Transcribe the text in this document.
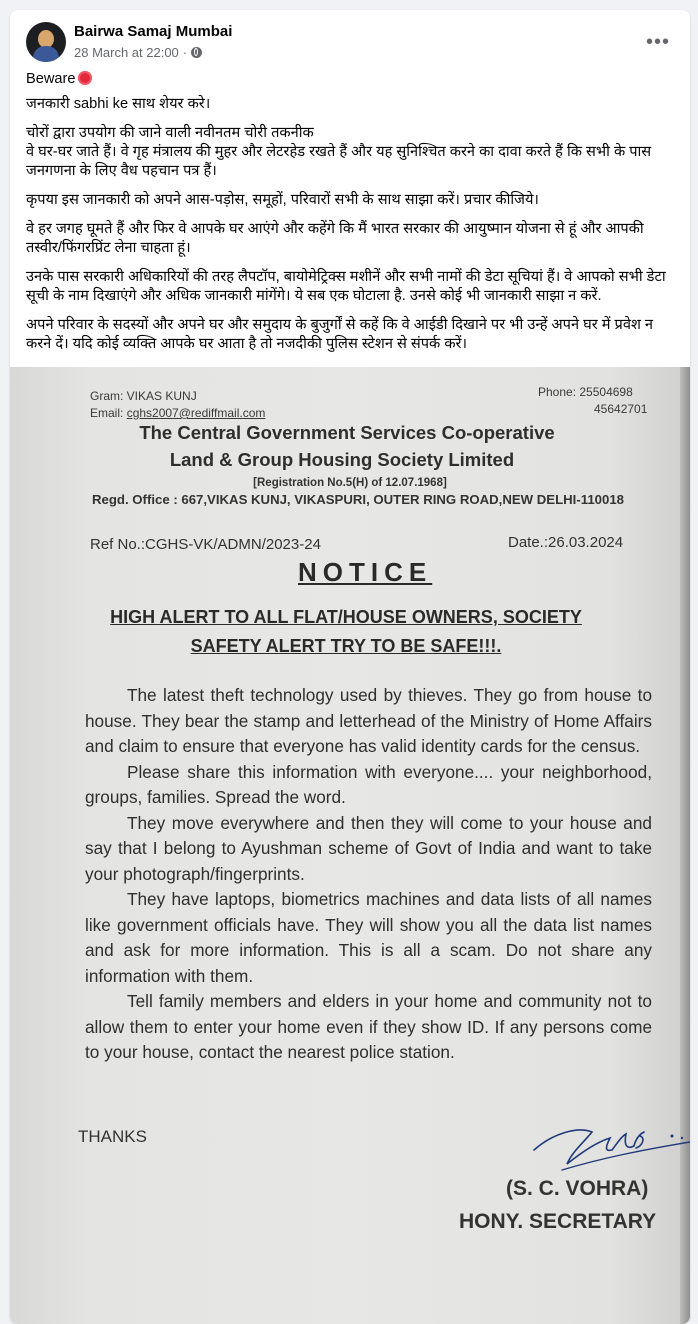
Bairwa Samaj Mumbai
28 March at 22:00 ·	•••

Beware

जनकारी sabhi ke साथ शेयर करे।

चोरों द्वारा उपयोग की जाने वाली नवीनतम चोरी तकनीक
वे घर-घर जाते हैं। वे गृह मंत्रालय की मुहर और लेटरहेड रखते हैं और यह सुनिश्चित करने का दावा करते हैं कि सभी के पास जनगणना के लिए वैध पहचान पत्र हैं।

कृपया इस जानकारी को अपने आस-पड़ोस, समूहों, परिवारों सभी के साथ साझा करें। प्रचार कीजिये।

वे हर जगह घूमते हैं और फिर वे आपके घर आएंगे और कहेंगे कि मैं भारत सरकार की आयुष्मान योजना से हूं और आपकी तस्वीर/फिंगरप्रिंट लेना चाहता हूं।

उनके पास सरकारी अधिकारियों की तरह लैपटॉप, बायोमेट्रिक्स मशीनें और सभी नामों की डेटा सूचियां हैं। वे आपको सभी डेटा सूची के नाम दिखाएंगे और अधिक जानकारी मांगेंगे। ये सब एक घोटाला है. उनसे कोई भी जानकारी साझा न करें.

अपने परिवार के सदस्यों और अपने घर और समुदाय के बुजुर्गों से कहें कि वे आईडी दिखाने पर भी उन्हें अपने घर में प्रवेश न करने दें। यदि कोई व्यक्ति आपके घर आता है तो नजदीकी पुलिस स्टेशन से संपर्क करें।

Gram: VIKAS KUNJ
Email: cghs2007@rediffmail.com
Phone: 25504698
45642701
The Central Government Services Co-operative
Land & Group Housing Society Limited
[Registration No.5(H) of 12.07.1968]
Regd. Office : 667,VIKAS KUNJ, VIKASPURI, OUTER RING ROAD,NEW DELHI-110018
Ref No.:CGHS-VK/ADMN/2023-24	Date.:26.03.2024
NOTICE
HIGH ALERT TO ALL FLAT/HOUSE OWNERS, SOCIETY
SAFETY ALERT TRY TO BE SAFE!!!.

The latest theft technology used by thieves. They go from house to house. They bear the stamp and letterhead of the Ministry of Home Affairs and claim to ensure that everyone has valid identity cards for the census.

Please share this information with everyone.... your neighborhood, groups, families. Spread the word.

They move everywhere and then they will come to your house and say that I belong to Ayushman scheme of Govt of India and want to take your photograph/fingerprints.

They have laptops, biometrics machines and data lists of all names like government officials have. They will show you all the data list names and ask for more information. This is all a scam. Do not share any information with them.

Tell family members and elders in your home and community not to allow them to enter your home even if they show ID. If any persons come to your house, contact the nearest police station.

THANKS
(S. C. VOHRA)
HONY. SECRETARY
